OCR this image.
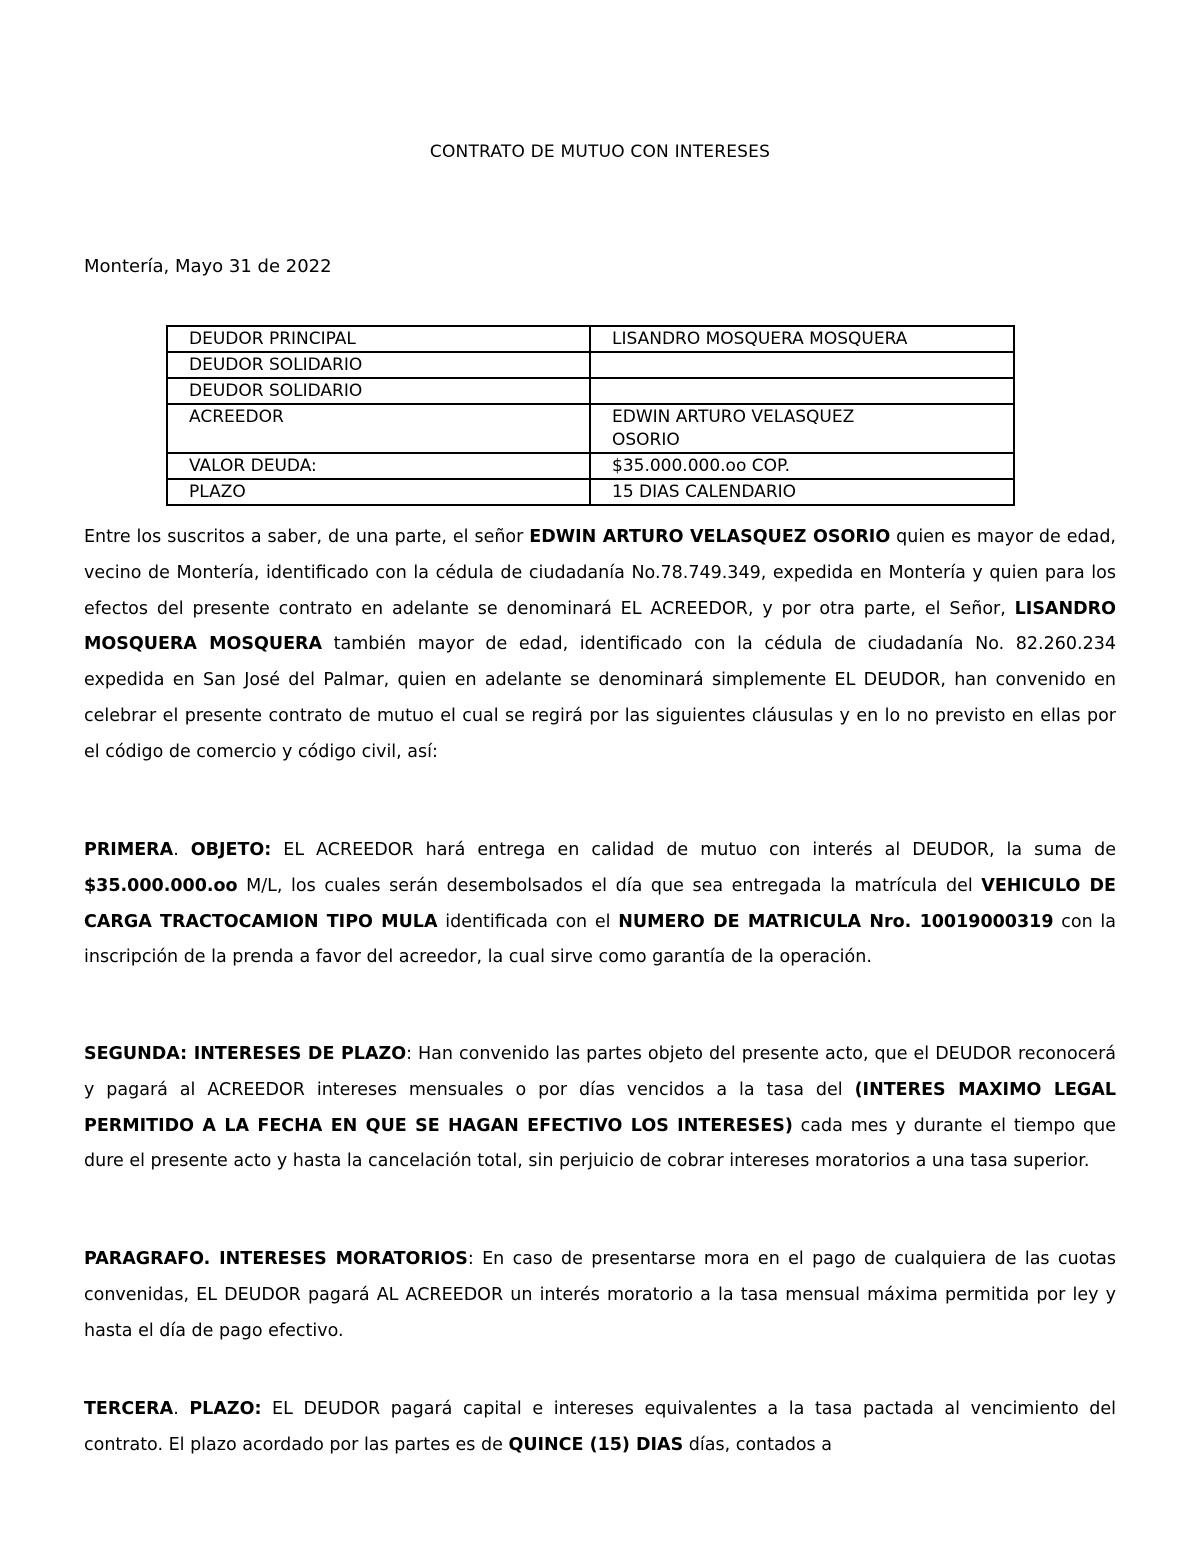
CONTRATO DE MUTUO CON INTERESES
Montería, Mayo 31 de 2022
DEUDOR PRINCIPAL	LISANDRO MOSQUERA MOSQUERA
DEUDOR SOLIDARIO	
DEUDOR SOLIDARIO	
ACREEDOR	EDWIN ARTURO VELASQUEZ OSORIO
VALOR DEUDA:	$35.000.000.oo COP.
PLAZO	15 DIAS CALENDARIO

Entre los suscritos a saber, de una parte, el señor EDWIN ARTURO VELASQUEZ OSORIO quien es mayor de edad, vecino de Montería, identificado con la cédula de ciudadanía No.78.749.349, expedida en Montería y quien para los efectos del presente contrato en adelante se denominará EL ACREEDOR, y por otra parte, el Señor, LISANDRO MOSQUERA MOSQUERA también mayor de edad, identificado con la cédula de ciudadanía No. 82.260.234 expedida en San José del Palmar, quien en adelante se denominará simplemente EL DEUDOR, han convenido en celebrar el presente contrato de mutuo el cual se regirá por las siguientes cláusulas y en lo no previsto en ellas por el código de comercio y código civil, así:

PRIMERA. OBJETO: EL ACREEDOR hará entrega en calidad de mutuo con interés al DEUDOR, la suma de $35.000.000.oo M/L, los cuales serán desembolsados el día que sea entregada la matrícula del VEHICULO DE CARGA TRACTOCAMION TIPO MULA identificada con el NUMERO DE MATRICULA Nro. 10019000319 con la inscripción de la prenda a favor del acreedor, la cual sirve como garantía de la operación.

SEGUNDA: INTERESES DE PLAZO: Han convenido las partes objeto del presente acto, que el DEUDOR reconocerá y pagará al ACREEDOR intereses mensuales o por días vencidos a la tasa del (INTERES MAXIMO LEGAL PERMITIDO A LA FECHA EN QUE SE HAGAN EFECTIVO LOS INTERESES) cada mes y durante el tiempo que dure el presente acto y hasta la cancelación total, sin perjuicio de cobrar intereses moratorios a una tasa superior.

PARAGRAFO. INTERESES MORATORIOS: En caso de presentarse mora en el pago de cualquiera de las cuotas convenidas, EL DEUDOR pagará AL ACREEDOR un interés moratorio a la tasa mensual máxima permitida por ley y hasta el día de pago efectivo.

TERCERA. PLAZO: EL DEUDOR pagará capital e intereses equivalentes a la tasa pactada al vencimiento del contrato. El plazo acordado por las partes es de QUINCE (15) DIAS días, contados a
